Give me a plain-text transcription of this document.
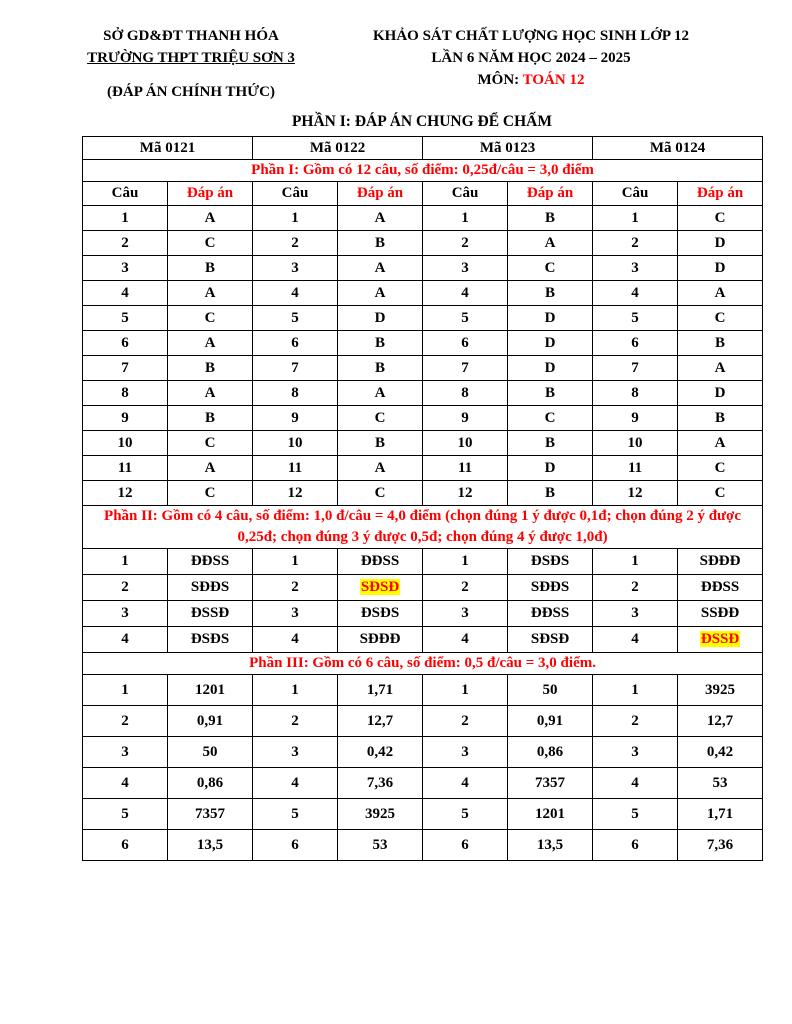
SỞ GD&ĐT THANH HÓA
TRƯỜNG THPT TRIỆU SƠN 3
(ĐÁP ÁN CHÍNH THỨC)
KHẢO SÁT CHẤT LƯỢNG HỌC SINH LỚP 12
LẦN 6 NĂM HỌC 2024 – 2025
MÔN: TOÁN 12
PHẦN I: ĐÁP ÁN CHUNG ĐỂ CHẤM
Mã 0121		Mã 0122		Mã 0123		Mã 0124	
Phần I: Gồm có 12 câu, số điểm: 0,25đ/câu = 3,0 điểm							
Câu	Đáp án	Câu	Đáp án	Câu	Đáp án	Câu	Đáp án
1	A	1	A	1	B	1	C
2	C	2	B	2	A	2	D
3	B	3	A	3	C	3	D
4	A	4	A	4	B	4	A
5	C	5	D	5	D	5	C
6	A	6	B	6	D	6	B
7	B	7	B	7	D	7	A
8	A	8	A	8	B	8	D
9	B	9	C	9	C	9	B
10	C	10	B	10	B	10	A
11	A	11	A	11	D	11	C
12	C	12	C	12	B	12	C
Phần II: Gồm có 4 câu, số điểm: 1,0 đ/câu = 4,0 điểm (chọn đúng 1 ý được 0,1đ; chọn đúng 2 ý được 0,25đ; chọn đúng 3 ý được 0,5đ; chọn đúng 4 ý được 1,0đ)							
1	ĐĐSS	1	ĐĐSS	1	ĐSĐS	1	SĐĐĐ
2	SĐĐS	2	SĐSĐ	2	SĐĐS	2	ĐĐSS
3	ĐSSĐ	3	ĐSĐS	3	ĐĐSS	3	SSĐĐ
4	ĐSĐS	4	SĐĐĐ	4	SĐSĐ	4	ĐSSĐ
Phần III: Gồm có 6 câu, số điểm: 0,5 đ/câu = 3,0 điểm.							
1	1201	1	1,71	1	50	1	3925
2	0,91	2	12,7	2	0,91	2	12,7
3	50	3	0,42	3	0,86	3	0,42
4	0,86	4	7,36	4	7357	4	53
5	7357	5	3925	5	1201	5	1,71
6	13,5	6	53	6	13,5	6	7,36
